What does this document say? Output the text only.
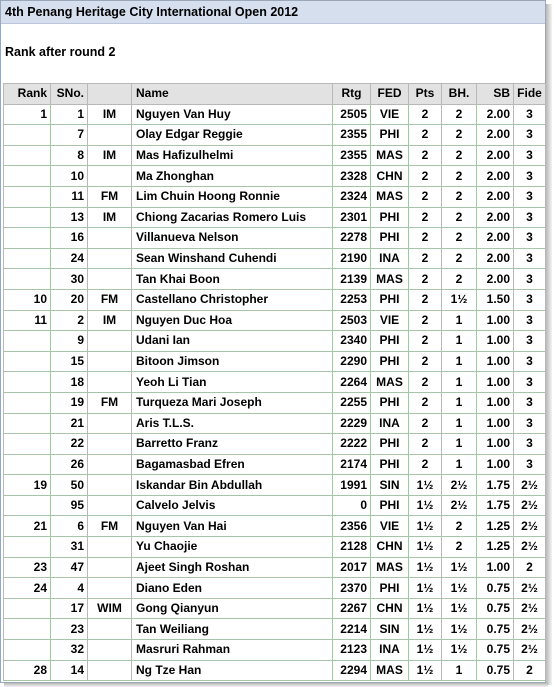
4th Penang Heritage City International Open 2012
Rank after round 2
Rank	SNo.		Name	Rtg	FED	Pts	BH.	SB	Fide
1	1	IM	Nguyen Van Huy	2505	VIE	2	2	2.00	3
	7		Olay Edgar Reggie	2355	PHI	2	2	2.00	3
	8	IM	Mas Hafizulhelmi	2355	MAS	2	2	2.00	3
	10		Ma Zhonghan	2328	CHN	2	2	2.00	3
	11	FM	Lim Chuin Hoong Ronnie	2324	MAS	2	2	2.00	3
	13	IM	Chiong Zacarias Romero Luis	2301	PHI	2	2	2.00	3
	16		Villanueva Nelson	2278	PHI	2	2	2.00	3
	24		Sean Winshand Cuhendi	2190	INA	2	2	2.00	3
	30		Tan Khai Boon	2139	MAS	2	2	2.00	3
10	20	FM	Castellano Christopher	2253	PHI	2	1½	1.50	3
11	2	IM	Nguyen Duc Hoa	2503	VIE	2	1	1.00	3
	9		Udani Ian	2340	PHI	2	1	1.00	3
	15		Bitoon Jimson	2290	PHI	2	1	1.00	3
	18		Yeoh Li Tian	2264	MAS	2	1	1.00	3
	19	FM	Turqueza Mari Joseph	2255	PHI	2	1	1.00	3
	21		Aris T.L.S.	2229	INA	2	1	1.00	3
	22		Barretto Franz	2222	PHI	2	1	1.00	3
	26		Bagamasbad Efren	2174	PHI	2	1	1.00	3
19	50		Iskandar Bin Abdullah	1991	SIN	1½	2½	1.75	2½
	95		Calvelo Jelvis	0	PHI	1½	2½	1.75	2½
21	6	FM	Nguyen Van Hai	2356	VIE	1½	2	1.25	2½
	31		Yu Chaojie	2128	CHN	1½	2	1.25	2½
23	47		Ajeet Singh Roshan	2017	MAS	1½	1½	1.00	2
24	4		Diano Eden	2370	PHI	1½	1½	0.75	2½
	17	WIM	Gong Qianyun	2267	CHN	1½	1½	0.75	2½
	23		Tan Weiliang	2214	SIN	1½	1½	0.75	2½
	32		Masruri Rahman	2123	INA	1½	1½	0.75	2½
28	14		Ng Tze Han	2294	MAS	1½	1	0.75	2
